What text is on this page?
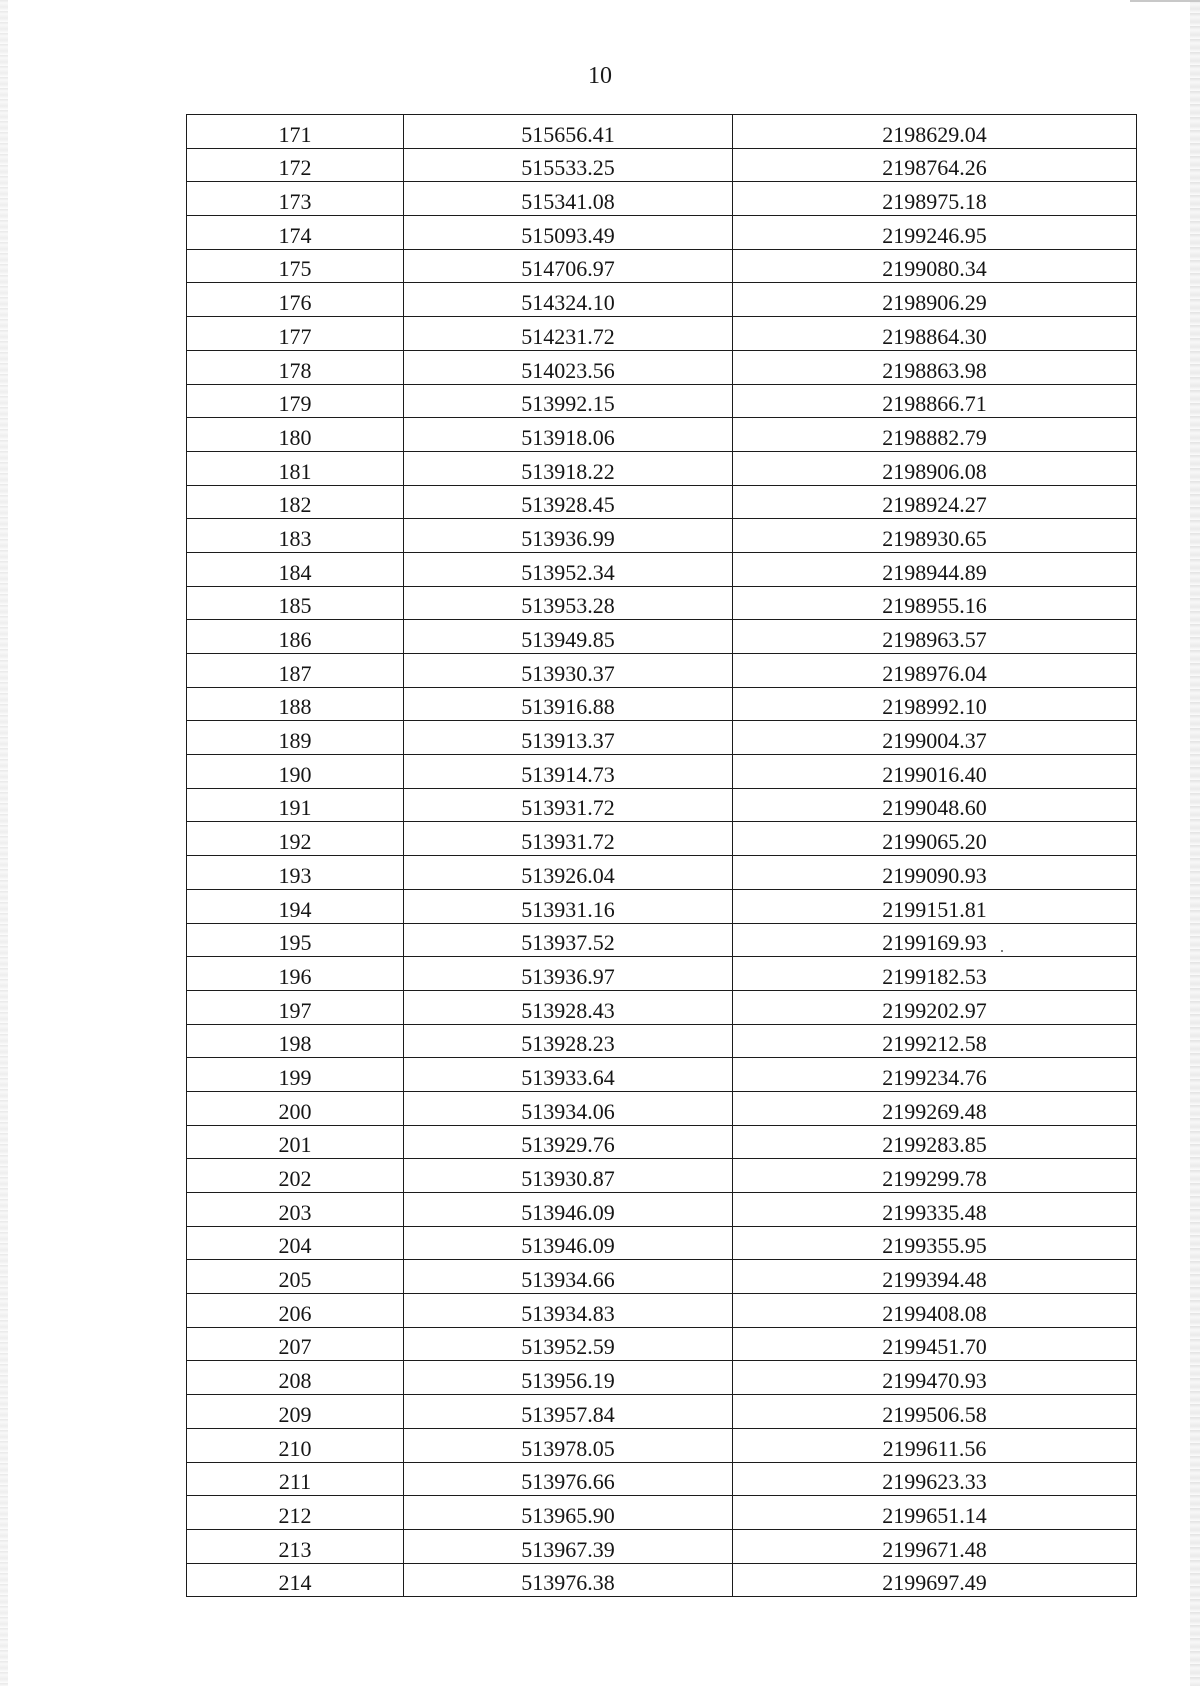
10
171	515656.41	2198629.04
172	515533.25	2198764.26
173	515341.08	2198975.18
174	515093.49	2199246.95
175	514706.97	2199080.34
176	514324.10	2198906.29
177	514231.72	2198864.30
178	514023.56	2198863.98
179	513992.15	2198866.71
180	513918.06	2198882.79
181	513918.22	2198906.08
182	513928.45	2198924.27
183	513936.99	2198930.65
184	513952.34	2198944.89
185	513953.28	2198955.16
186	513949.85	2198963.57
187	513930.37	2198976.04
188	513916.88	2198992.10
189	513913.37	2199004.37
190	513914.73	2199016.40
191	513931.72	2199048.60
192	513931.72	2199065.20
193	513926.04	2199090.93
194	513931.16	2199151.81
195	513937.52	2199169.93
196	513936.97	2199182.53
197	513928.43	2199202.97
198	513928.23	2199212.58
199	513933.64	2199234.76
200	513934.06	2199269.48
201	513929.76	2199283.85
202	513930.87	2199299.78
203	513946.09	2199335.48
204	513946.09	2199355.95
205	513934.66	2199394.48
206	513934.83	2199408.08
207	513952.59	2199451.70
208	513956.19	2199470.93
209	513957.84	2199506.58
210	513978.05	2199611.56
211	513976.66	2199623.33
212	513965.90	2199651.14
213	513967.39	2199671.48
214	513976.38	2199697.49
